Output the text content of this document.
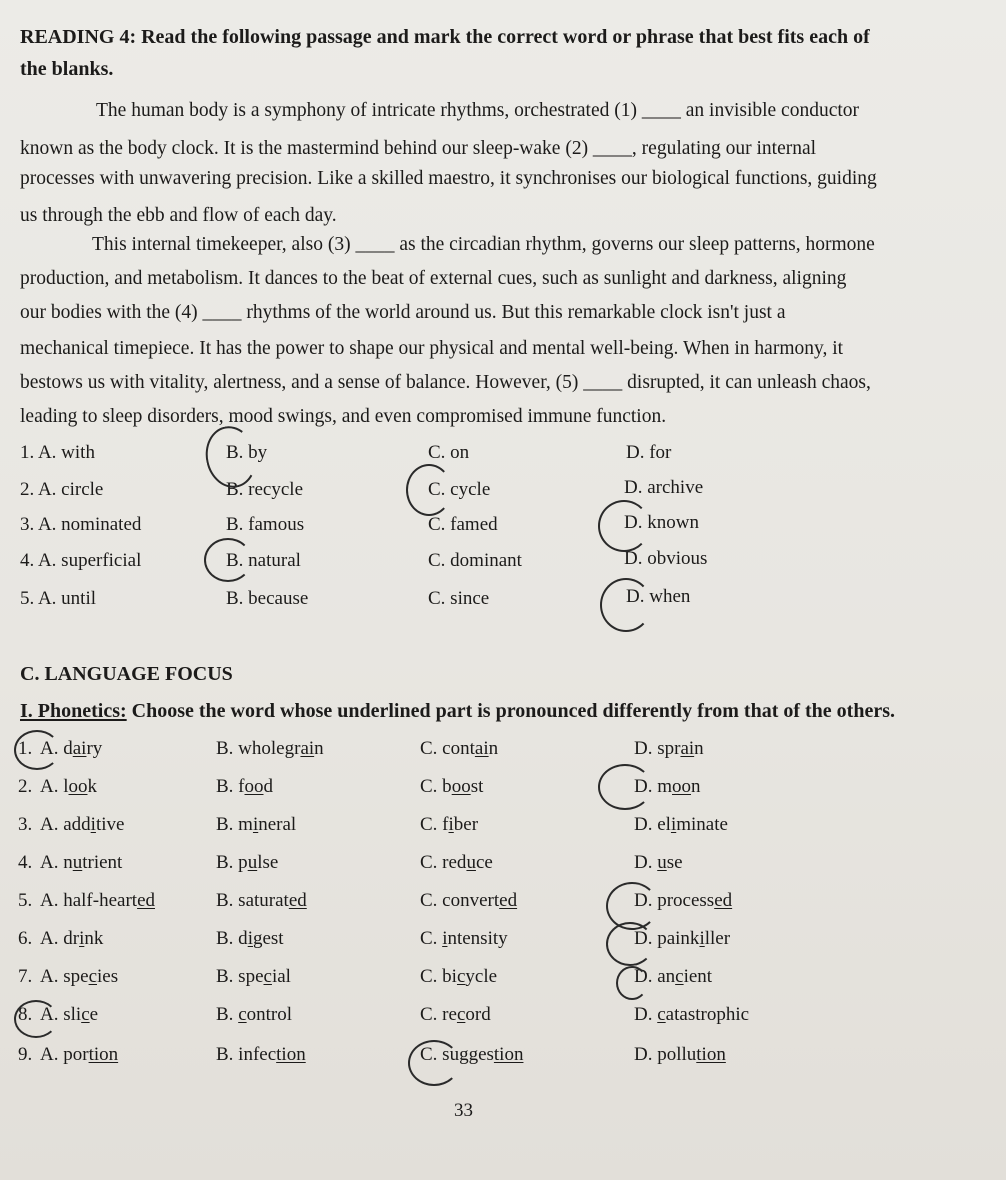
READING 4: Read the following passage and mark the correct word or phrase that best fits each of
the blanks.
The human body is a symphony of intricate rhythms, orchestrated (1) ____ an invisible conductor
known as the body clock. It is the mastermind behind our sleep-wake (2) ____, regulating our internal
processes with unwavering precision. Like a skilled maestro, it synchronises our biological functions, guiding
us through the ebb and flow of each day.
This internal timekeeper, also (3) ____ as the circadian rhythm, governs our sleep patterns, hormone
production, and metabolism. It dances to the beat of external cues, such as sunlight and darkness, aligning
our bodies with the (4) ____ rhythms of the world around us. But this remarkable clock isn't just a
mechanical timepiece. It has the power to shape our physical and mental well-being. When in harmony, it
bestows us with vitality, alertness, and a sense of balance. However, (5) ____ disrupted, it can unleash chaos,
leading to sleep disorders, mood swings, and even compromised immune function.
1. A. with	B. by	C. on	D. for
2. A. circle	B. recycle	C. cycle	D. archive
3. A. nominated	B. famous	C. famed	D. known
4. A. superficial	B. natural	C. dominant	D. obvious
5. A. until	B. because	C. since	D. when
C. LANGUAGE FOCUS
I. Phonetics: Choose the word whose underlined part is pronounced differently from that of the others.
1. A. dairy	B. wholegrain	C. contain	D. sprain
2. A. look	B. food	C. boost	D. moon
3. A. additive	B. mineral	C. fiber	D. eliminate
4. A. nutrient	B. pulse	C. reduce	D. use
5. A. half-hearted	B. saturated	C. converted	D. processed
6. A. drink	B. digest	C. intensity	D. painkiller
7. A. species	B. special	C. bicycle	D. ancient
8. A. slice	B. control	C. record	D. catastrophic
9. A. portion	B. infection	C. suggestion	D. pollution
33
